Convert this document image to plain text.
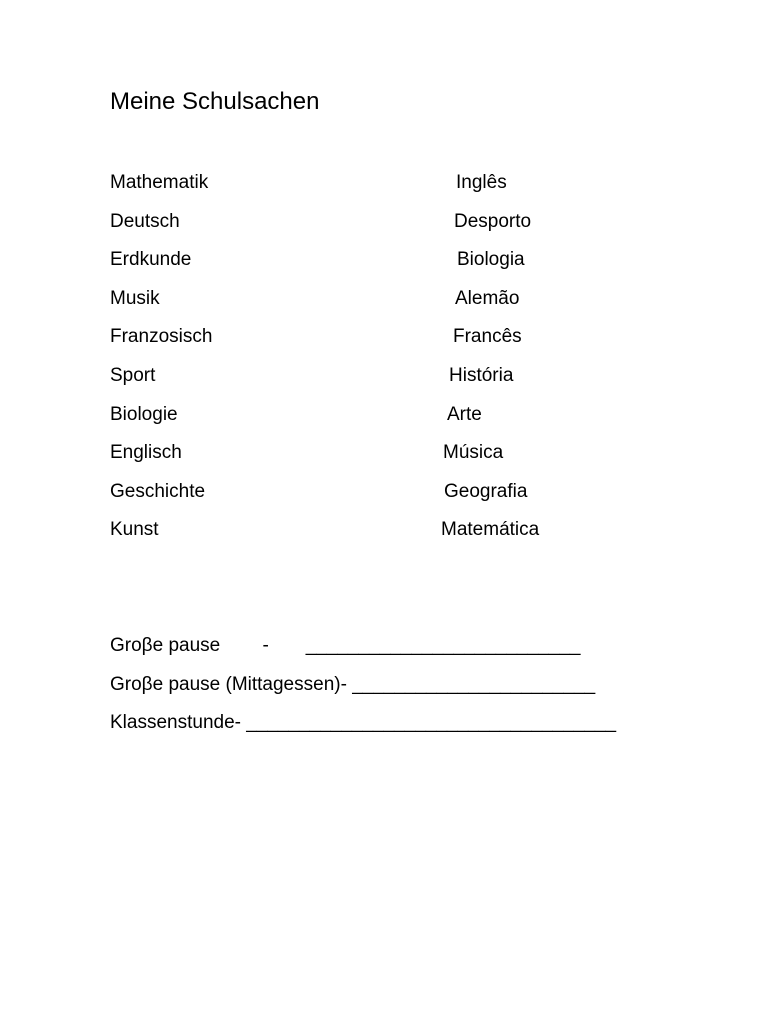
Meine Schulsachen
Mathematik
Deutsch
Erdkunde
Musik
Franzosisch
Sport
Biologie
Englisch
Geschichte
Kunst
Inglês
Desporto
Biologia
Alemão
Francês
História
Arte
Música
Geografia
Matemática
Groβe pause        -       __________________________
Groβe pause (Mittagessen)- _______________________
Klassenstunde- ___________________________________
